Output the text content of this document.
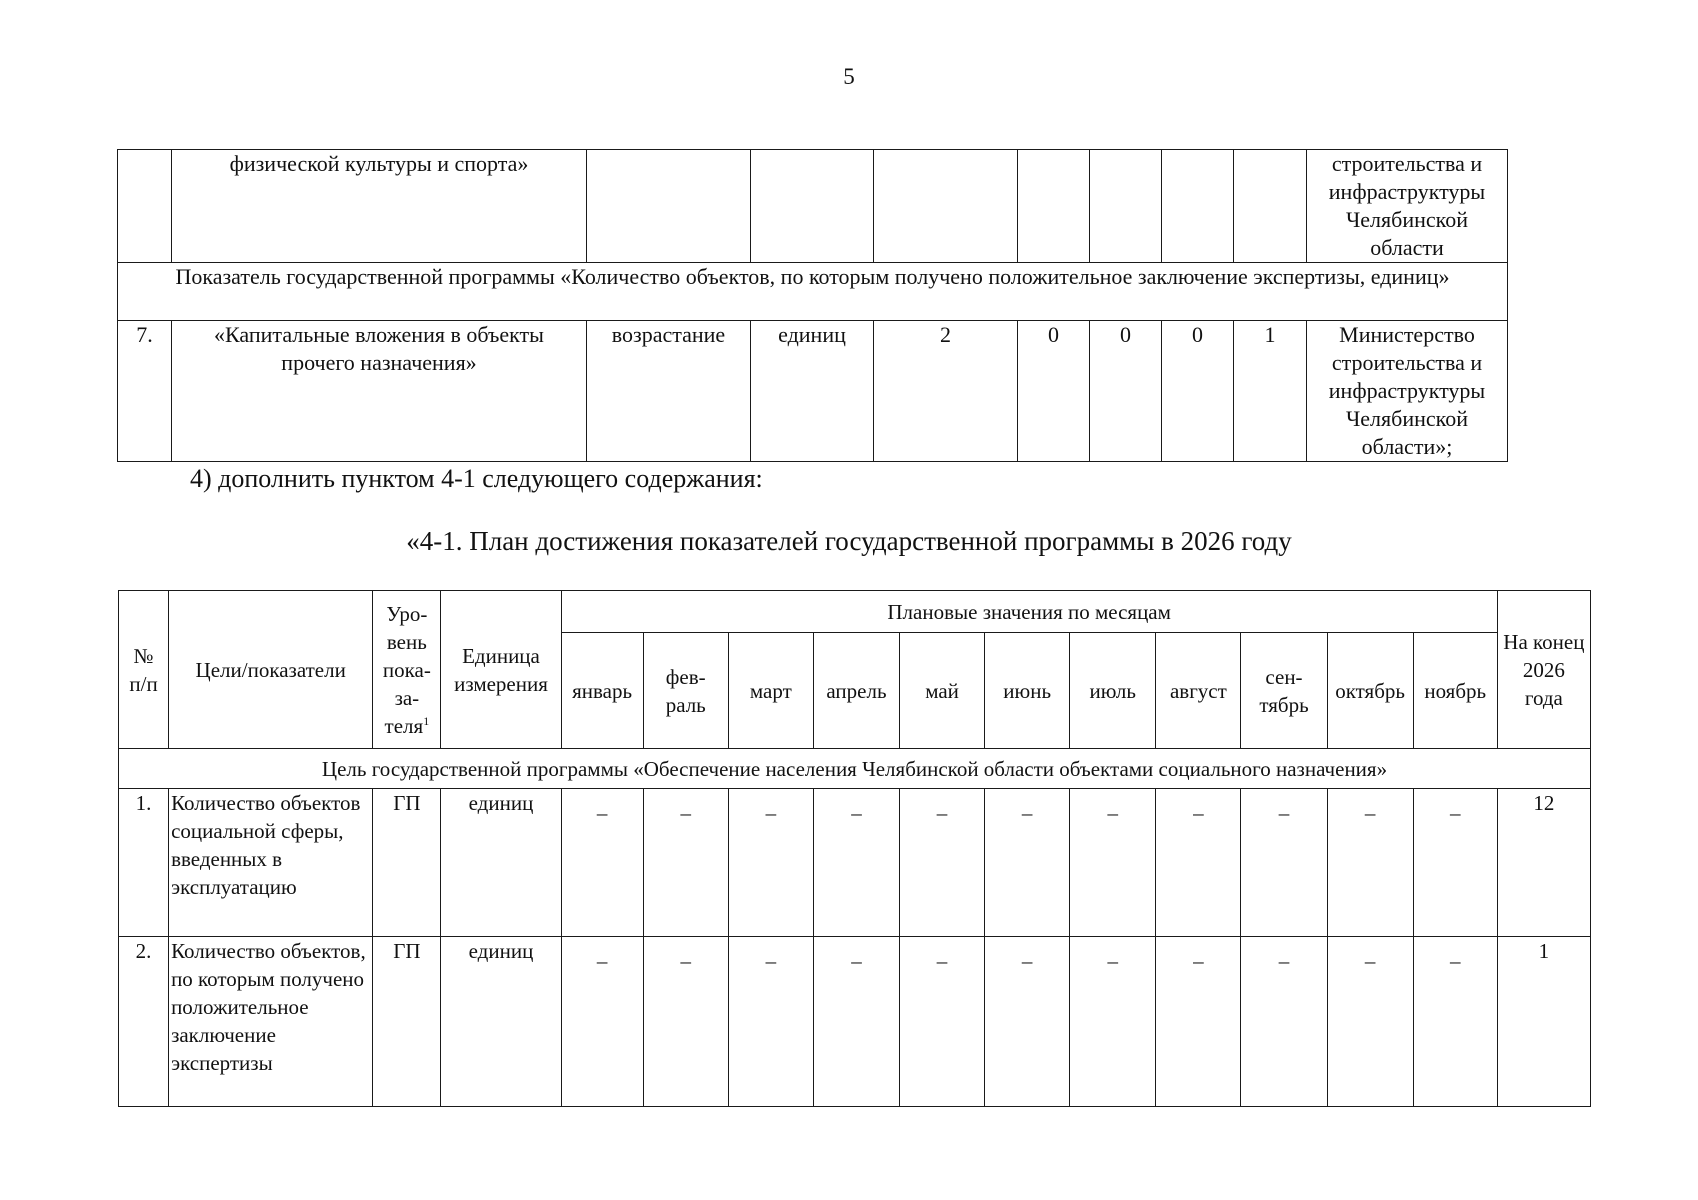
5
	физической культуры и спорта»								строительства и инфраструктуры Челябинской области
Показатель государственной программы «Количество объектов, по которым получено положительное заключение экспертизы, единиц»									
7.	«Капитальные вложения в объекты прочего назначения»	возрастание	единиц	2	0	0	0	1	Министерство строительства и инфраструктуры Челябинской области»;
4) дополнить пунктом 4-1 следующего содержания:
«4-1. План достижения показателей государственной программы в 2026 году
№ п/п	Цели/показатели	Уро-вень пока-за-теля$^1$	Единица измерения	Плановые значения по месяцам											На конец 2026 года
				январь	фев-раль	март	апрель	май	июнь	июль	август	сен-тябрь	октябрь	ноябрь	
Цель государственной программы «Обеспечение населения Челябинской области объектами социального назначения»															
1.	Количество объектов социальной сферы, введенных в эксплуатацию	ГП	единиц	–	–	–	–	–	–	–	–	–	–	–	12
2.	Количество объектов, по которым получено положительное заключение экспертизы	ГП	единиц	–	–	–	–	–	–	–	–	–	–	–	1
